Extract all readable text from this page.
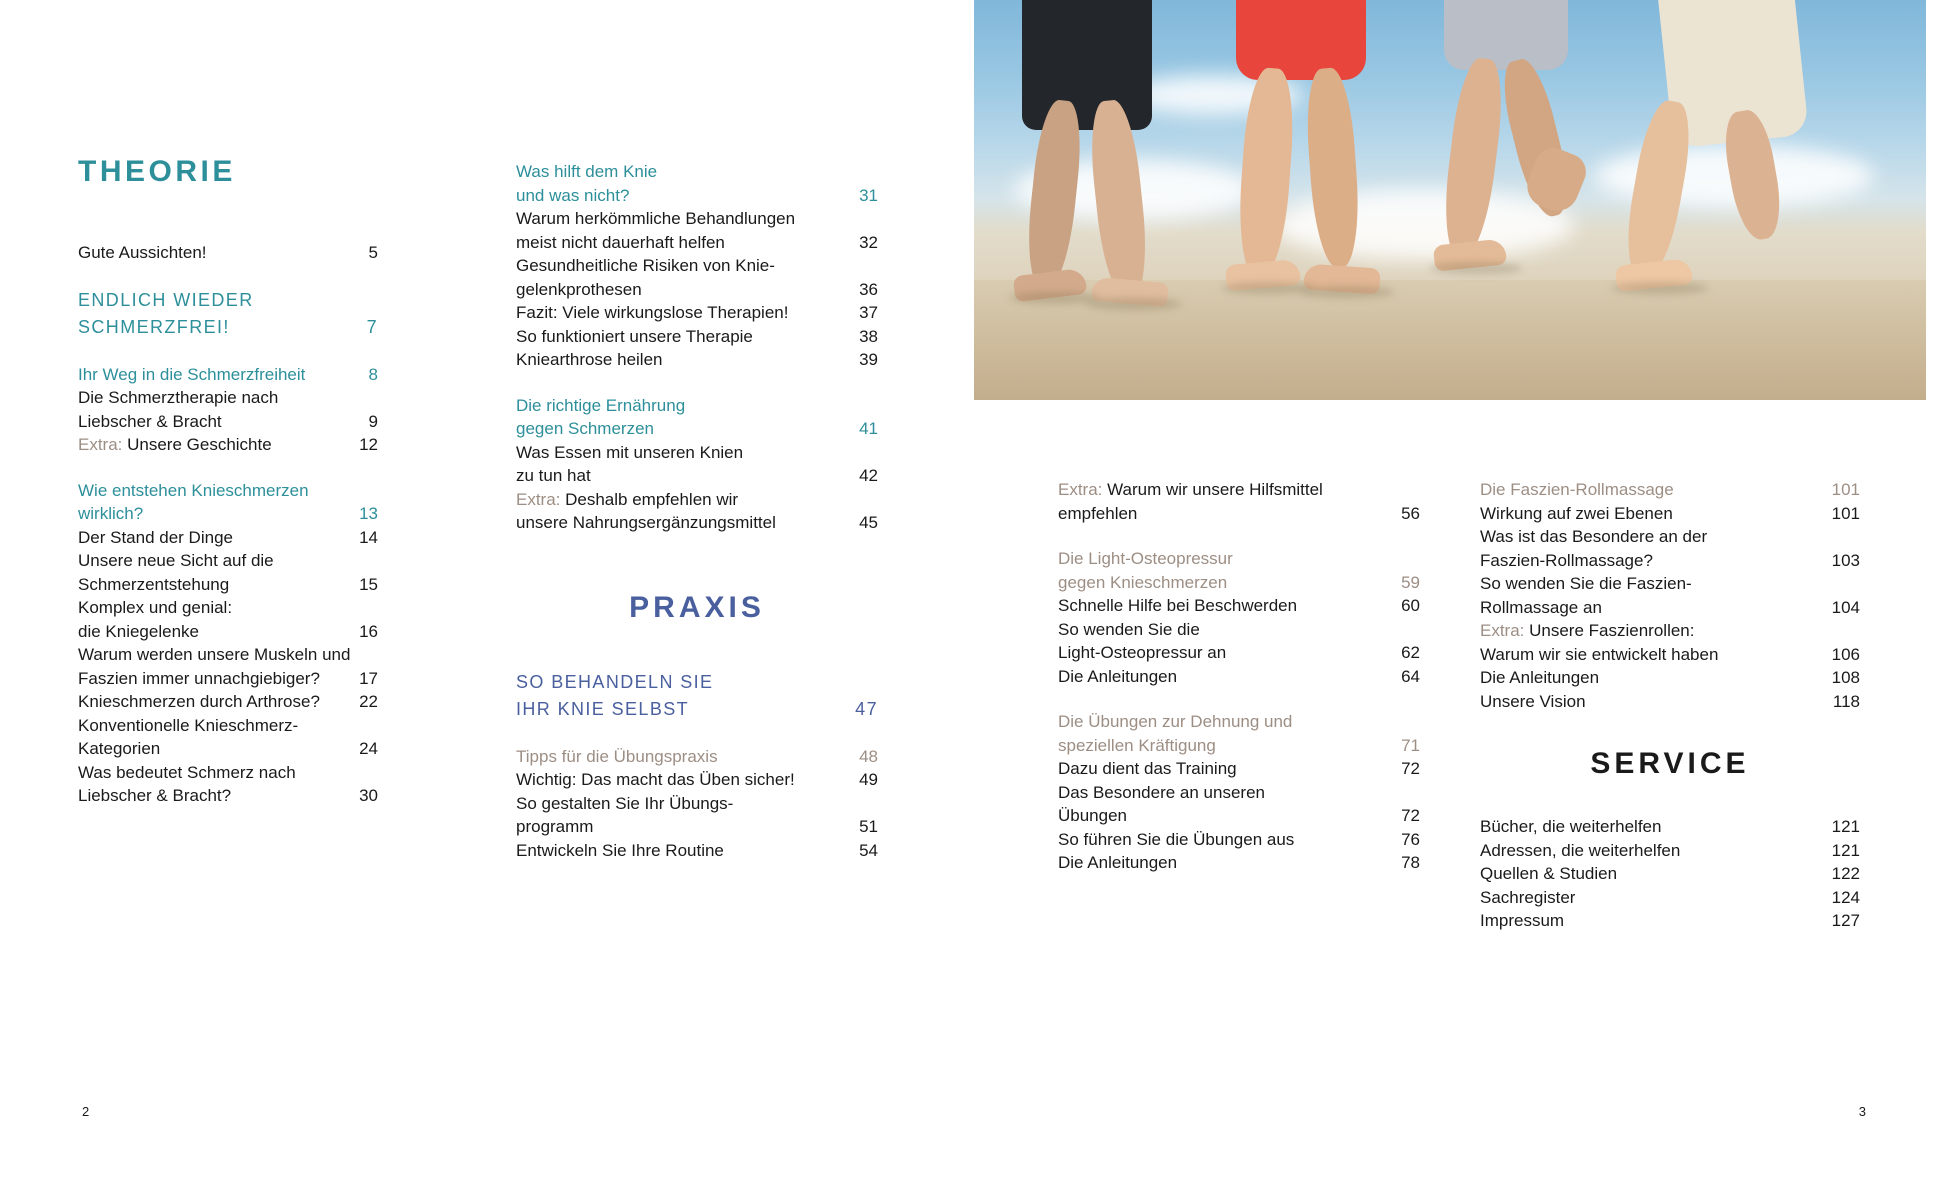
THEORIE
Gute Aussichten!	5
ENDLICH WIEDER
SCHMERZFREI!	7
Ihr Weg in die Schmerzfreiheit	8
Die Schmerztherapie nach
Liebscher & Bracht	9
Extra: Unsere Geschichte	12
Wie entstehen Knieschmerzen
wirklich?	13
Der Stand der Dinge	14
Unsere neue Sicht auf die
Schmerzentstehung	15
Komplex und genial:
die Kniegelenke	16
Warum werden unsere Muskeln und
Faszien immer unnachgiebiger? 17
Knieschmerzen durch Arthrose? 22
Konventionelle Knieschmerz-
Kategorien	24
Was bedeutet Schmerz nach
Liebscher & Bracht?	30
Was hilft dem Knie
und was nicht?	31
Warum herkömmliche Behandlungen
meist nicht dauerhaft helfen	32
Gesundheitliche Risiken von Knie-
gelenkprothesen	36
Fazit: Viele wirkungslose Therapien!	37
So funktioniert unsere Therapie	38
Kniearthrose heilen	39
Die richtige Ernährung
gegen Schmerzen	41
Was Essen mit unseren Knien
zu tun hat	42
Extra: Deshalb empfehlen wir
unsere Nahrungsergänzungsmittel	45
PRAXIS
SO BEHANDELN SIE
IHR KNIE SELBST	47
Tipps für die Übungspraxis	48
Wichtig: Das macht das Üben sicher!	49
So gestalten Sie Ihr Übungs-
programm	51
Entwickeln Sie Ihre Routine	54
2
Extra: Warum wir unsere Hilfsmittel
empfehlen	56
Die Light-Osteopressur
gegen Knieschmerzen	59
Schnelle Hilfe bei Beschwerden	60
So wenden Sie die
Light-Osteopressur an	62
Die Anleitungen	64
Die Übungen zur Dehnung und
speziellen Kräftigung	71
Dazu dient das Training	72
Das Besondere an unseren
Übungen	72
So führen Sie die Übungen aus	76
Die Anleitungen	78
Die Faszien-Rollmassage	101
Wirkung auf zwei Ebenen	101
Was ist das Besondere an der
Faszien-Rollmassage?	103
So wenden Sie die Faszien-
Rollmassage an	104
Extra: Unsere Faszienrollen:
Warum wir sie entwickelt haben	106
Die Anleitungen	108
Unsere Vision	118
SERVICE
Bücher, die weiterhelfen	121
Adressen, die weiterhelfen	121
Quellen & Studien	122
Sachregister	124
Impressum	127
3
